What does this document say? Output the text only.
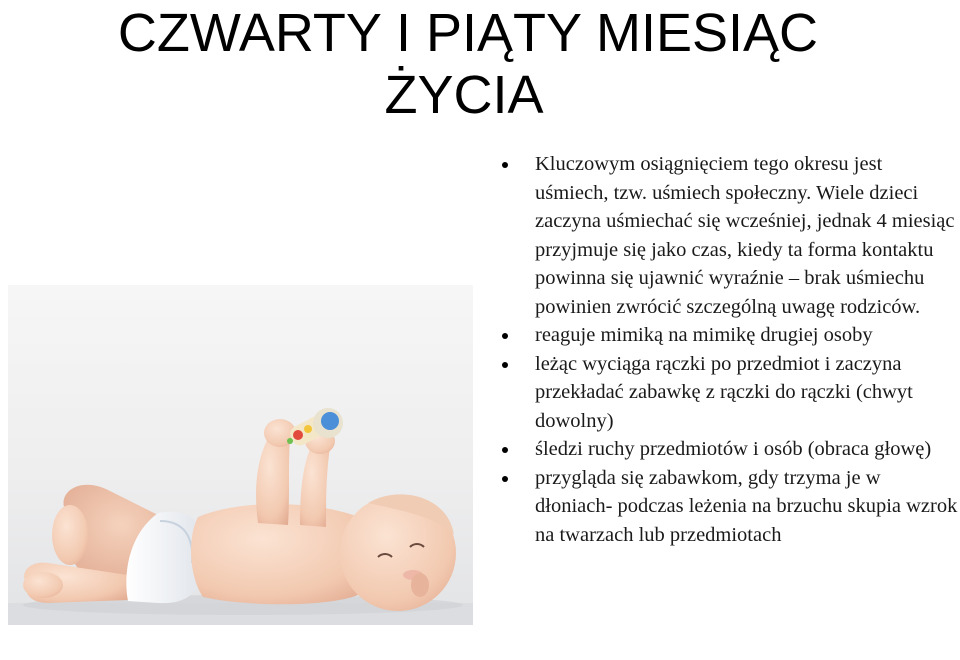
CZWARTY I PIĄTY MIESIĄC
ŻYCIA
Kluczowym osiągnięciem tego okresu jest uśmiech, tzw. uśmiech społeczny. Wiele dzieci zaczyna uśmiechać się wcześniej, jednak 4 miesiąc przyjmuje się jako czas, kiedy ta forma kontaktu powinna się ujawnić wyraźnie – brak uśmiechu powinien zwrócić szczególną uwagę rodziców.
reaguje mimiką na mimikę drugiej osoby
leżąc wyciąga rączki po przedmiot i zaczyna przekładać zabawkę z rączki do rączki (chwyt dowolny)
śledzi ruchy przedmiotów i osób (obraca głowę)
przygląda się zabawkom, gdy trzyma je w dłoniach- podczas leżenia na brzuchu skupia wzrok na twarzach lub przedmiotach
